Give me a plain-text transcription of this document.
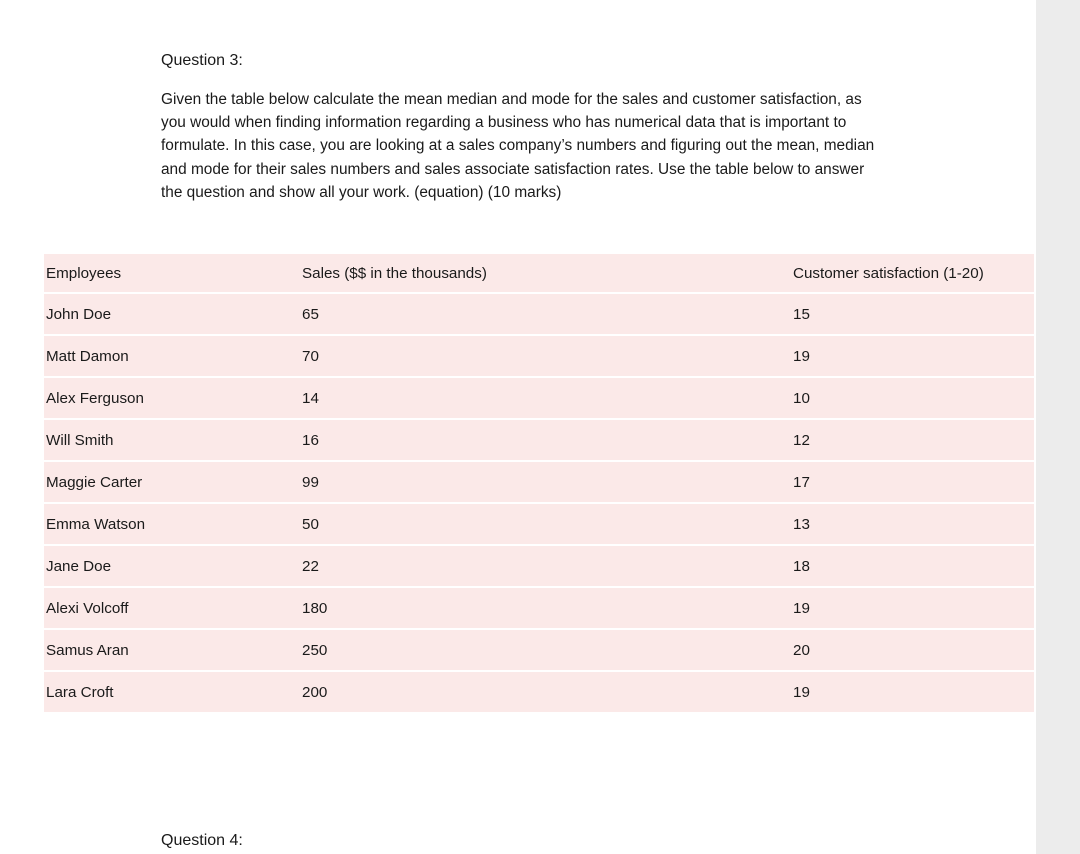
Question 3:

Given the table below calculate the mean median and mode for the sales and customer satisfaction, as
you would when finding information regarding a business who has numerical data that is important to
formulate. In this case, you are looking at a sales company’s numbers and figuring out the mean, median
and mode for their sales numbers and sales associate satisfaction rates. Use the table below to answer
the question and show all your work. (equation) (10 marks)

Employees	Sales ($$ in the thousands)	Customer satisfaction (1-20)
John Doe	65	15
Matt Damon	70	19
Alex Ferguson	14	10
Will Smith	16	12
Maggie Carter	99	17
Emma Watson	50	13
Jane Doe	22	18
Alexi Volcoff	180	19
Samus Aran	250	20
Lara Croft	200	19

Question 4:
